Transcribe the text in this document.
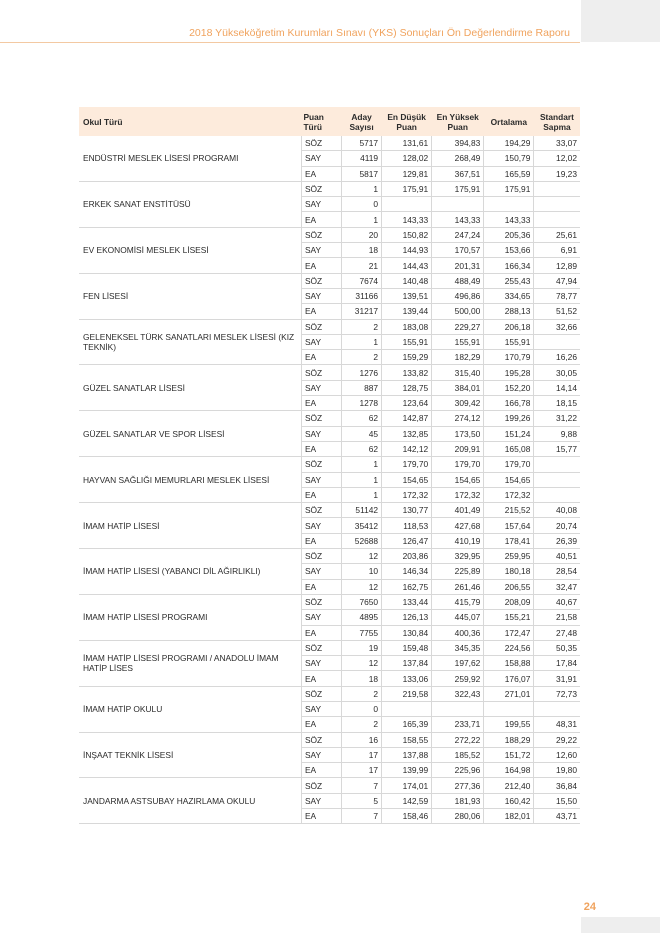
2018 Yükseköğretim Kurumları Sınavı (YKS) Sonuçları Ön Değerlendirme Raporu
Okul Türü	Puan Türü	Aday Sayısı	En Düşük Puan	En Yüksek Puan	Ortalama	Standart Sapma
ENDÜSTRİ MESLEK LİSESİ PROGRAMI	SÖZ	5717	131,61	394,83	194,29	33,07
	SAY	4119	128,02	268,49	150,79	12,02
	EA	5817	129,81	367,51	165,59	19,23
ERKEK SANAT ENSTİTÜSÜ	SÖZ	1	175,91	175,91	175,91	
	SAY	0				
	EA	1	143,33	143,33	143,33	
EV EKONOMİSİ MESLEK LİSESİ	SÖZ	20	150,82	247,24	205,36	25,61
	SAY	18	144,93	170,57	153,66	6,91
	EA	21	144,43	201,31	166,34	12,89
FEN LİSESİ	SÖZ	7674	140,48	488,49	255,43	47,94
	SAY	31166	139,51	496,86	334,65	78,77
	EA	31217	139,44	500,00	288,13	51,52
GELENEKSEL TÜRK SANATLARI MESLEK LİSESİ (KIZ TEKNİK)	SÖZ	2	183,08	229,27	206,18	32,66
	SAY	1	155,91	155,91	155,91	
	EA	2	159,29	182,29	170,79	16,26
GÜZEL SANATLAR LİSESİ	SÖZ	1276	133,82	315,40	195,28	30,05
	SAY	887	128,75	384,01	152,20	14,14
	EA	1278	123,64	309,42	166,78	18,15
GÜZEL SANATLAR VE SPOR LİSESİ	SÖZ	62	142,87	274,12	199,26	31,22
	SAY	45	132,85	173,50	151,24	9,88
	EA	62	142,12	209,91	165,08	15,77
HAYVAN SAĞLIĞI MEMURLARI MESLEK LİSESİ	SÖZ	1	179,70	179,70	179,70	
	SAY	1	154,65	154,65	154,65	
	EA	1	172,32	172,32	172,32	
İMAM HATİP LİSESİ	SÖZ	51142	130,77	401,49	215,52	40,08
	SAY	35412	118,53	427,68	157,64	20,74
	EA	52688	126,47	410,19	178,41	26,39
İMAM HATİP LİSESİ (YABANCI DİL AĞIRLIKLI)	SÖZ	12	203,86	329,95	259,95	40,51
	SAY	10	146,34	225,89	180,18	28,54
	EA	12	162,75	261,46	206,55	32,47
İMAM HATİP LİSESİ PROGRAMI	SÖZ	7650	133,44	415,79	208,09	40,67
	SAY	4895	126,13	445,07	155,21	21,58
	EA	7755	130,84	400,36	172,47	27,48
İMAM HATİP LİSESİ PROGRAMI / ANADOLU İMAM HATİP LİSES	SÖZ	19	159,48	345,35	224,56	50,35
	SAY	12	137,84	197,62	158,88	17,84
	EA	18	133,06	259,92	176,07	31,91
İMAM HATİP OKULU	SÖZ	2	219,58	322,43	271,01	72,73
	SAY	0				
	EA	2	165,39	233,71	199,55	48,31
İNŞAAT TEKNİK LİSESİ	SÖZ	16	158,55	272,22	188,29	29,22
	SAY	17	137,88	185,52	151,72	12,60
	EA	17	139,99	225,96	164,98	19,80
JANDARMA ASTSUBAY HAZIRLAMA OKULU	SÖZ	7	174,01	277,36	212,40	36,84
	SAY	5	142,59	181,93	160,42	15,50
	EA	7	158,46	280,06	182,01	43,71
24
